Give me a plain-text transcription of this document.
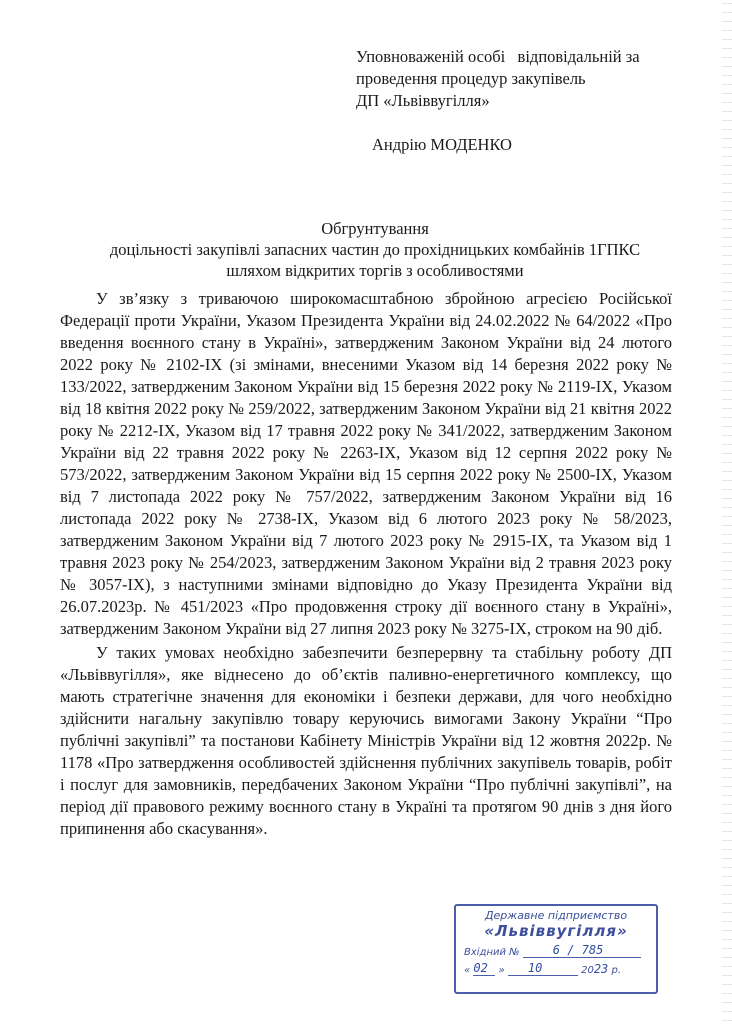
Уповноваженій особі   відповідальній за
проведення процедур закупівель
ДП «Львіввугілля»
Андрію МОДЕНКО
Обгрунтування
доцільності закупівлі запасних частин до прохідницьких комбайнів 1ГПКС
шляхом відкритих торгів з особливостями

У зв’язку з триваючою широкомасштабною збройною агресією Російської Федерації проти України, Указом Президента України від 24.02.2022 № 64/2022 «Про введення воєнного стану в Україні», затвердженим Законом України від 24 лютого 2022 року № 2102-IX (зі змінами, внесеними Указом від 14 березня 2022 року № 133/2022, затвердженим Законом України від 15 березня 2022 року № 2119-IX, Указом від 18 квітня 2022 року № 259/2022, затвердженим Законом України від 21 квітня 2022 року № 2212-IX, Указом від 17 травня 2022 року № 341/2022, затвердженим Законом України від 22 травня 2022 року № 2263-IX, Указом від 12 серпня 2022 року № 573/2022, затвердженим Законом України від 15 серпня 2022 року № 2500-IX, Указом від 7 листопада 2022 року № 757/2022, затвердженим Законом України від 16 листопада 2022 року № 2738-IX, Указом від 6 лютого 2023 року № 58/2023, затвердженим Законом України від 7 лютого 2023 року № 2915-IX, та Указом від 1 травня 2023 року № 254/2023, затвердженим Законом України від 2 травня 2023 року № 3057-IX), з наступними змінами відповідно до Указу Президента України від 26.07.2023р. № 451/2023 «Про продовження строку дії воєнного стану в Україні», затвердженим Законом України від 27 липня 2023 року № 3275-IX, строком на 90 діб.

У таких умовах необхідно забезпечити безперервну та стабільну роботу ДП «Львіввугілля», яке віднесено до об’єктів паливно-енергетичного комплексу, що мають стратегічне значення для економіки і безпеки держави, для чого необхідно здійснити нагальну закупівлю товару керуючись вимогами Закону України “Про публічні закупівлі” та постанови Кабінету Міністрів України від 12 жовтня 2022р. № 1178 «Про затвердження особливостей здійснення публічних закупівель товарів, робіт і послуг для замовників, передбачених Законом України “Про публічні закупівлі”, на період дії правового режиму воєнного стану в Україні та протягом 90 днів з дня його припинення або скасування».

Державне підприємство
«Львіввугілля»
Вхідний №	6 / 785
« 02 » 10	2023 р.
